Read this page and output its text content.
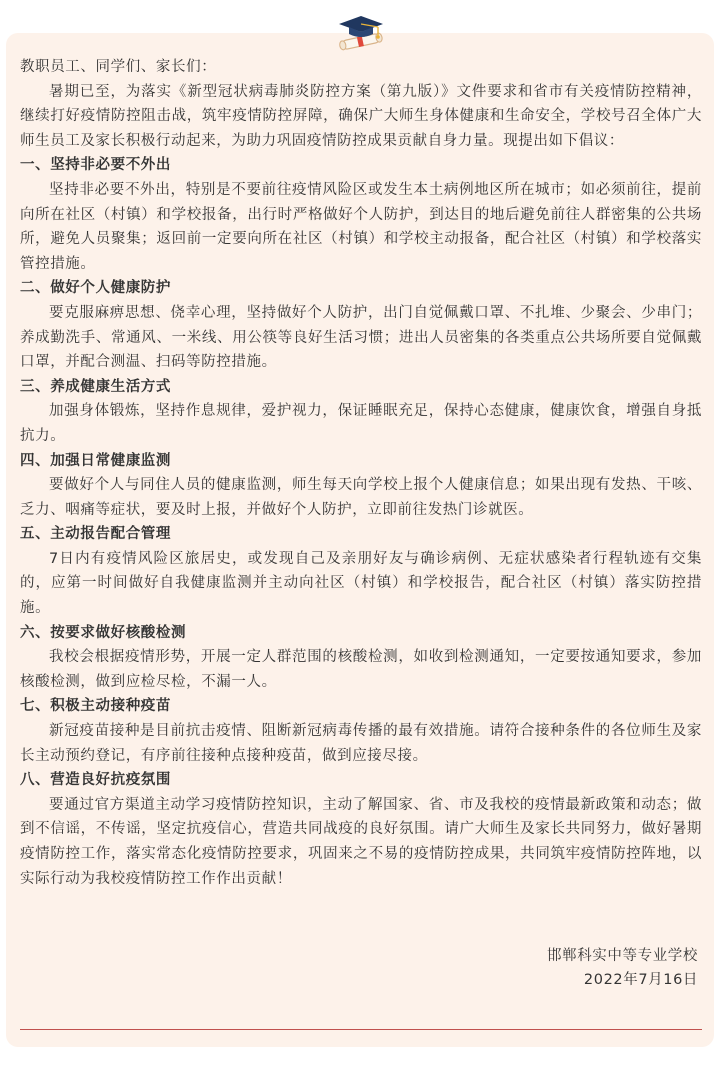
教职员工、同学们、家长们：

暑期已至，为落实《新型冠状病毒肺炎防控方案（第九版）》文件要求和省市有关疫情防控精神，继续打好疫情防控阻击战，筑牢疫情防控屏障，确保广大师生身体健康和生命安全，学校号召全体广大师生员工及家长积极行动起来，为助力巩固疫情防控成果贡献自身力量。现提出如下倡议：

一、坚持非必要不外出

坚持非必要不外出，特别是不要前往疫情风险区或发生本土病例地区所在城市；如必须前往，提前向所在社区（村镇）和学校报备，出行时严格做好个人防护，到达目的地后避免前往人群密集的公共场所，避免人员聚集；返回前一定要向所在社区（村镇）和学校主动报备，配合社区（村镇）和学校落实管控措施。

二、做好个人健康防护

要克服麻痹思想、侥幸心理，坚持做好个人防护，出门自觉佩戴口罩、不扎堆、少聚会、少串门；养成勤洗手、常通风、一米线、用公筷等良好生活习惯；进出人员密集的各类重点公共场所要自觉佩戴口罩，并配合测温、扫码等防控措施。

三、养成健康生活方式

加强身体锻炼，坚持作息规律，爱护视力，保证睡眠充足，保持心态健康，健康饮食，增强自身抵抗力。

四、加强日常健康监测

要做好个人与同住人员的健康监测，师生每天向学校上报个人健康信息；如果出现有发热、干咳、乏力、咽痛等症状，要及时上报，并做好个人防护，立即前往发热门诊就医。

五、主动报告配合管理

7日内有疫情风险区旅居史，或发现自己及亲朋好友与确诊病例、无症状感染者行程轨迹有交集的，应第一时间做好自我健康监测并主动向社区（村镇）和学校报告，配合社区（村镇）落实防控措施。

六、按要求做好核酸检测

我校会根据疫情形势，开展一定人群范围的核酸检测，如收到检测通知，一定要按通知要求，参加核酸检测，做到应检尽检，不漏一人。

七、积极主动接种疫苗

新冠疫苗接种是目前抗击疫情、阻断新冠病毒传播的最有效措施。请符合接种条件的各位师生及家长主动预约登记，有序前往接种点接种疫苗，做到应接尽接。

八、营造良好抗疫氛围

要通过官方渠道主动学习疫情防控知识，主动了解国家、省、市及我校的疫情最新政策和动态；做到不信谣，不传谣，坚定抗疫信心，营造共同战疫的良好氛围。请广大师生及家长共同努力，做好暑期疫情防控工作，落实常态化疫情防控要求，巩固来之不易的疫情防控成果，共同筑牢疫情防控阵地，以实际行动为我校疫情防控工作作出贡献！

邯郸科实中等专业学校
2022年7月16日
